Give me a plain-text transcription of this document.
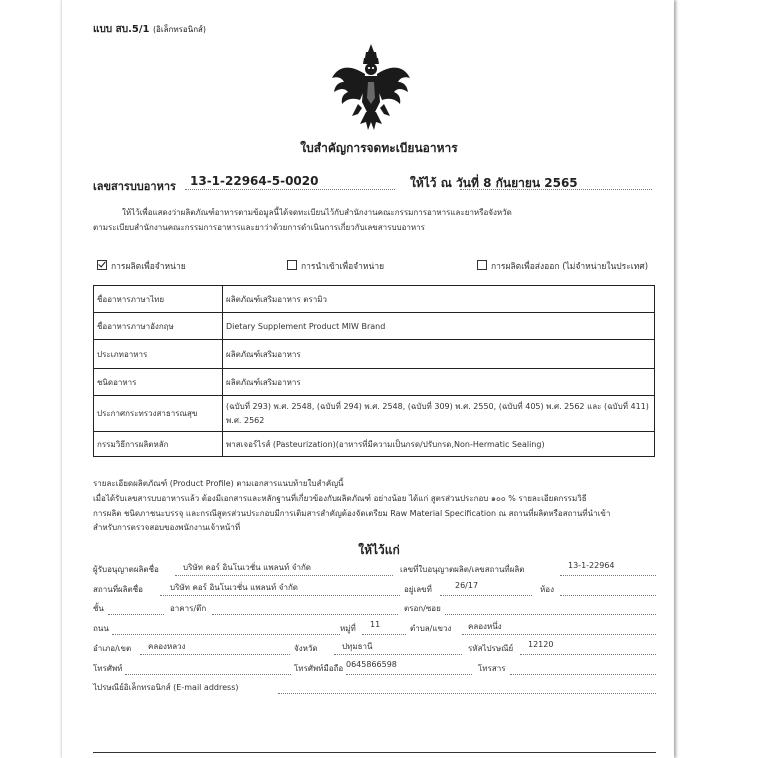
แบบ สบ.5/1 (อิเล็กทรอนิกส์)
ใบสำคัญการจดทะเบียนอาหาร
เลขสารบบอาหาร 13-1-22964-5-0020	ให้ไว้ ณ วันที่ 8 กันยายน 2565
ให้ไว้เพื่อแสดงว่าผลิตภัณฑ์อาหารตามข้อมูลนี้ได้จดทะเบียนไว้กับสำนักงานคณะกรรมการอาหารและยาหรือจังหวัด
ตามระเบียบสำนักงานคณะกรรมการอาหารและยาว่าด้วยการดำเนินการเกี่ยวกับเลขสารบบอาหาร
การผลิตเพื่อจำหน่าย	การนำเข้าเพื่อจำหน่าย	การผลิตเพื่อส่งออก (ไม่จำหน่ายในประเทศ)
ชื่ออาหารภาษาไทย	ผลิตภัณฑ์เสริมอาหาร ตรามิว
ชื่ออาหารภาษาอังกฤษ	Dietary Supplement Product MIW Brand
ประเภทอาหาร	ผลิตภัณฑ์เสริมอาหาร
ชนิดอาหาร	ผลิตภัณฑ์เสริมอาหาร
ประกาศกระทรวงสาธารณสุข	(ฉบับที่ 293) พ.ศ. 2548, (ฉบับที่ 294) พ.ศ. 2548, (ฉบับที่ 309) พ.ศ. 2550, (ฉบับที่ 405) พ.ศ. 2562 และ (ฉบับที่ 411) พ.ศ. 2562
กรรมวิธีการผลิตหลัก	พาสเจอร์ไรส์ (Pasteurization)(อาหารที่มีความเป็นกรด/ปรับกรด,Non-Hermatic Sealing)
รายละเอียดผลิตภัณฑ์ (Product Profile) ตามเอกสารแนบท้ายใบสำคัญนี้
เมื่อได้รับเลขสารบบอาหารแล้ว ต้องมีเอกสารและหลักฐานที่เกี่ยวข้องกับผลิตภัณฑ์ อย่างน้อย ได้แก่ สูตรส่วนประกอบ ๑๐๐ % รายละเอียดกรรมวิธี
การผลิต ชนิดภาชนะบรรจุ และกรณีสูตรส่วนประกอบมีการเติมสารสำคัญต้องจัดเตรียม Raw Material Specification ณ สถานที่ผลิตหรือสถานที่นำเข้า
สำหรับการตรวจสอบของพนักงานเจ้าหน้าที่
ให้ไว้แก่
ผู้รับอนุญาตผลิตชื่อ	บริษัท คอร์ อินโนเวชั่น แพลนท์ จำกัด	เลขที่ใบอนุญาตผลิต/เลขสถานที่ผลิต	13-1-22964
สถานที่ผลิตชื่อ	บริษัท คอร์ อินโนเวชั่น แพลนท์ จำกัด	อยู่เลขที่	26/17	ห้อง
ชั้น	อาคาร/ตึก	ตรอก/ซอย
ถนน	หมู่ที่ 11	ตำบล/แขวง คลองหนึ่ง
อำเภอ/เขต คลองหลวง	จังหวัด	ปทุมธานี	รหัสไปรษณีย์ 12120
โทรศัพท์	โทรศัพท์มือถือ 0645866598	โทรสาร
ไปรษณีย์อิเล็กทรอนิกส์ (E-mail address)
